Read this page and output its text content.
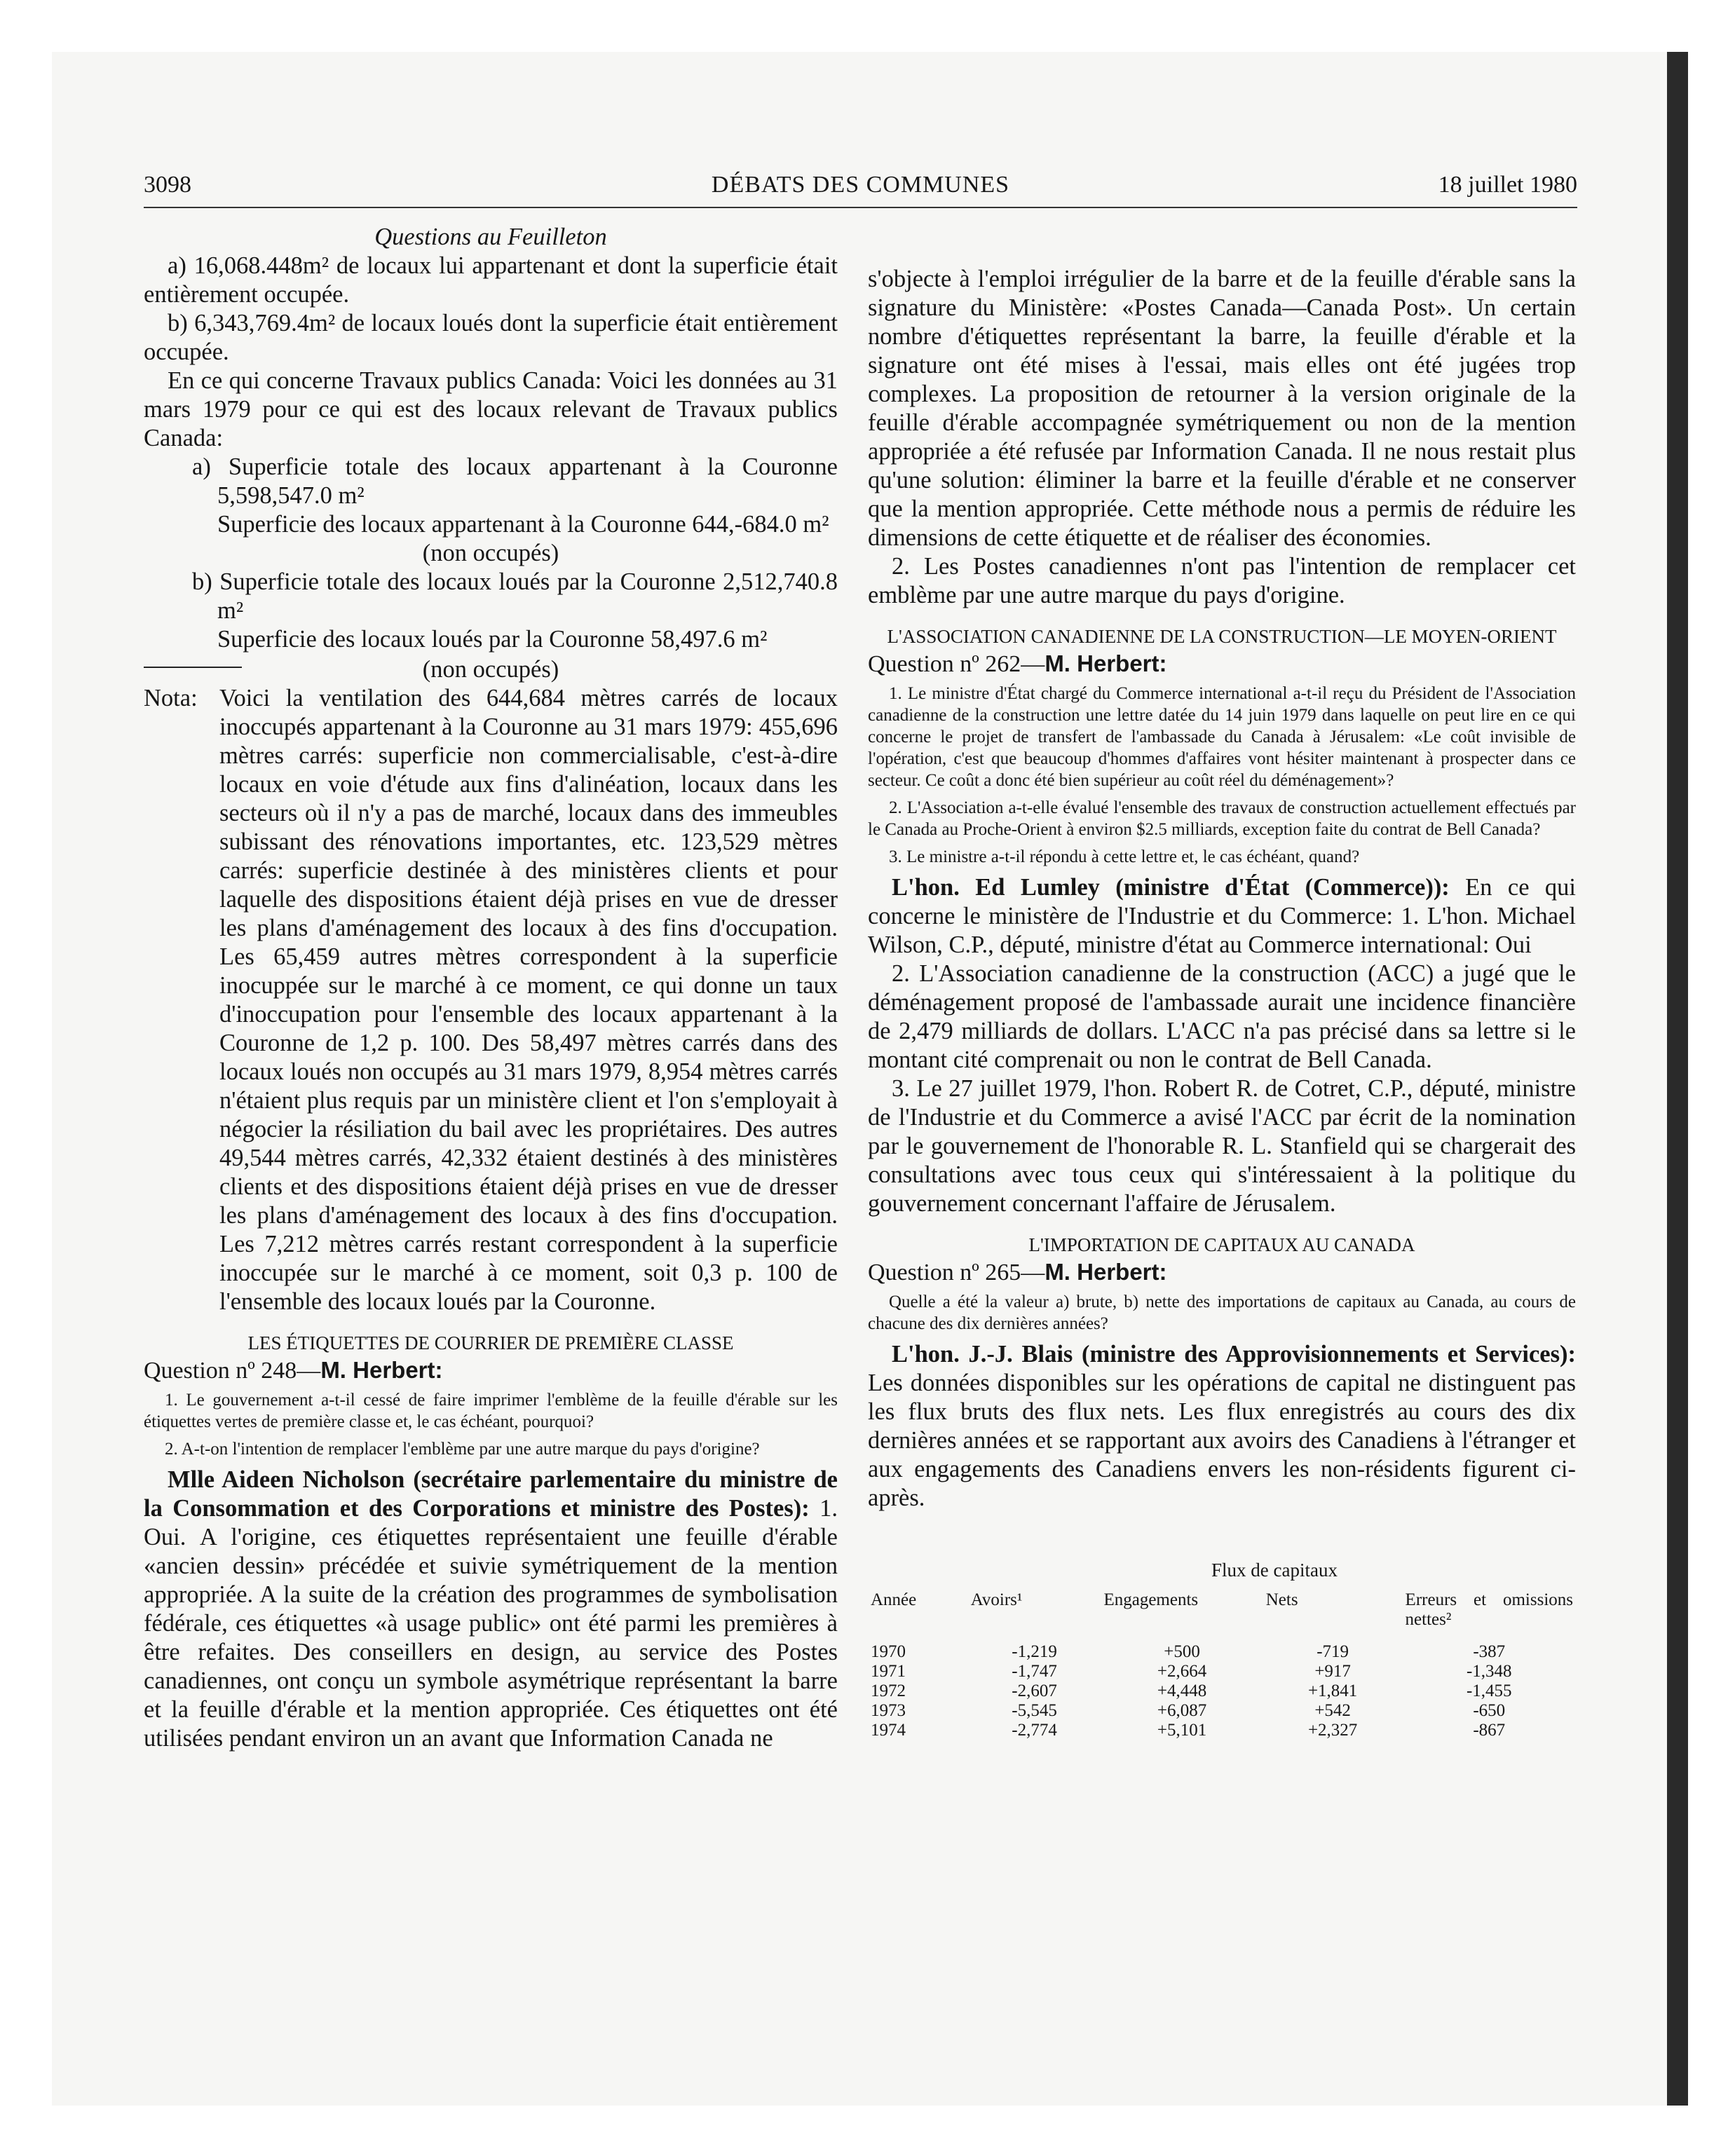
3098	DÉBATS DES COMMUNES	18 juillet 1980

Questions au Feuilleton

a) 16,068.448m² de locaux lui appartenant et dont la superficie était entièrement occupée.

b) 6,343,769.4m² de locaux loués dont la superficie était entièrement occupée.

En ce qui concerne Travaux publics Canada: Voici les données au 31 mars 1979 pour ce qui est des locaux relevant de Travaux publics Canada:

a) Superficie totale des locaux appartenant à la Couronne 5,598,547.0 m²

Superficie des locaux appartenant à la Couronne 644,-684.0 m²

(non occupés)

b) Superficie totale des locaux loués par la Couronne 2,512,740.8 m²

Superficie des locaux loués par la Couronne 58,497.6 m²

(non occupés)

Nota: Voici la ventilation des 644,684 mètres carrés de locaux inoccupés appartenant à la Couronne au 31 mars 1979: 455,696 mètres carrés: superficie non commercialisable, c'est-à-dire locaux en voie d'étude aux fins d'alinéation, locaux dans les secteurs où il n'y a pas de marché, locaux dans des immeubles subissant des rénovations importantes, etc. 123,529 mètres carrés: superficie destinée à des ministères clients et pour laquelle des dispositions étaient déjà prises en vue de dresser les plans d'aménagement des locaux à des fins d'occupation. Les 65,459 autres mètres correspondent à la superficie inocuppée sur le marché à ce moment, ce qui donne un taux d'inoccupation pour l'ensemble des locaux appartenant à la Couronne de 1,2 p. 100. Des 58,497 mètres carrés dans des locaux loués non occupés au 31 mars 1979, 8,954 mètres carrés n'étaient plus requis par un ministère client et l'on s'employait à négocier la résiliation du bail avec les propriétaires. Des autres 49,544 mètres carrés, 42,332 étaient destinés à des ministères clients et des dispositions étaient déjà prises en vue de dresser les plans d'aménagement des locaux à des fins d'occupation. Les 7,212 mètres carrés restant correspondent à la superficie inoccupée sur le marché à ce moment, soit 0,3 p. 100 de l'ensemble des locaux loués par la Couronne.

LES ÉTIQUETTES DE COURRIER DE PREMIÈRE CLASSE

Question nº 248—M. Herbert:

1. Le gouvernement a-t-il cessé de faire imprimer l'emblème de la feuille d'érable sur les étiquettes vertes de première classe et, le cas échéant, pourquoi?

2. A-t-on l'intention de remplacer l'emblème par une autre marque du pays d'origine?

Mlle Aideen Nicholson (secrétaire parlementaire du ministre de la Consommation et des Corporations et ministre des Postes): 1. Oui. A l'origine, ces étiquettes représentaient une feuille d'érable «ancien dessin» précédée et suivie symétriquement de la mention appropriée. A la suite de la création des programmes de symbolisation fédérale, ces étiquettes «à usage public» ont été parmi les premières à être refaites. Des conseillers en design, au service des Postes canadiennes, ont conçu un symbole asymétrique représentant la barre et la feuille d'érable et la mention appropriée. Ces étiquettes ont été utilisées pendant environ un an avant que Information Canada ne

s'objecte à l'emploi irrégulier de la barre et de la feuille d'érable sans la signature du Ministère: «Postes Canada—Canada Post». Un certain nombre d'étiquettes représentant la barre, la feuille d'érable et la signature ont été mises à l'essai, mais elles ont été jugées trop complexes. La proposition de retourner à la version originale de la feuille d'érable accompagnée symétriquement ou non de la mention appropriée a été refusée par Information Canada. Il ne nous restait plus qu'une solution: éliminer la barre et la feuille d'érable et ne conserver que la mention appropriée. Cette méthode nous a permis de réduire les dimensions de cette étiquette et de réaliser des économies.

2. Les Postes canadiennes n'ont pas l'intention de remplacer cet emblème par une autre marque du pays d'origine.

L'ASSOCIATION CANADIENNE DE LA CONSTRUCTION—LE MOYEN-ORIENT

Question nº 262—M. Herbert:

1. Le ministre d'État chargé du Commerce international a-t-il reçu du Président de l'Association canadienne de la construction une lettre datée du 14 juin 1979 dans laquelle on peut lire en ce qui concerne le projet de transfert de l'ambassade du Canada à Jérusalem: «Le coût invisible de l'opération, c'est que beaucoup d'hommes d'affaires vont hésiter maintenant à prospecter dans ce secteur. Ce coût a donc été bien supérieur au coût réel du déménagement»?

2. L'Association a-t-elle évalué l'ensemble des travaux de construction actuellement effectués par le Canada au Proche-Orient à environ $2.5 milliards, exception faite du contrat de Bell Canada?

3. Le ministre a-t-il répondu à cette lettre et, le cas échéant, quand?

L'hon. Ed Lumley (ministre d'État (Commerce)): En ce qui concerne le ministère de l'Industrie et du Commerce: 1. L'hon. Michael Wilson, C.P., député, ministre d'état au Commerce international: Oui

2. L'Association canadienne de la construction (ACC) a jugé que le déménagement proposé de l'ambassade aurait une incidence financière de 2,479 milliards de dollars. L'ACC n'a pas précisé dans sa lettre si le montant cité comprenait ou non le contrat de Bell Canada.

3. Le 27 juillet 1979, l'hon. Robert R. de Cotret, C.P., député, ministre de l'Industrie et du Commerce a avisé l'ACC par écrit de la nomination par le gouvernement de l'honorable R. L. Stanfield qui se chargerait des consultations avec tous ceux qui s'intéressaient à la politique du gouvernement concernant l'affaire de Jérusalem.

L'IMPORTATION DE CAPITAUX AU CANADA

Question nº 265—M. Herbert:

Quelle a été la valeur a) brute, b) nette des importations de capitaux au Canada, au cours de chacune des dix dernières années?

L'hon. J.-J. Blais (ministre des Approvisionnements et Services): Les données disponibles sur les opérations de capital ne distinguent pas les flux bruts des flux nets. Les flux enregistrés au cours des dix dernières années et se rapportant aux avoirs des Canadiens à l'étranger et aux engagements des Canadiens envers les non-résidents figurent ci-après.

Flux de capitaux

Année	Avoirs¹	Engagements	Nets	Erreurs et omissions nettes²
1970	-1,219	+500	-719	-387
1971	-1,747	+2,664	+917	-1,348
1972	-2,607	+4,448	+1,841	-1,455
1973	-5,545	+6,087	+542	-650
1974	-2,774	+5,101	+2,327	-867
